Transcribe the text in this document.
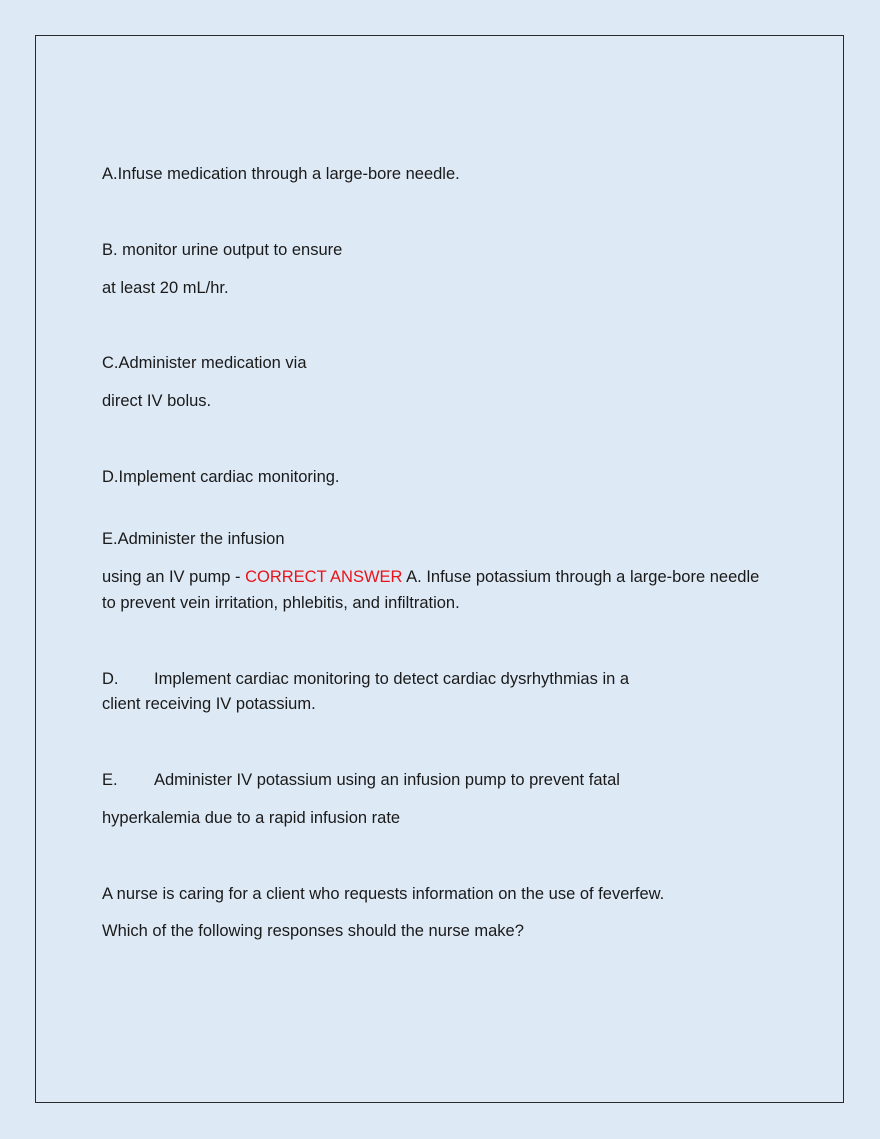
A.Infuse medication through a large-bore needle.
B. monitor urine output to ensure
at least 20 mL/hr.
C.Administer medication via
direct IV bolus.
D.Implement cardiac monitoring.
E.Administer the infusion
using an IV pump - CORRECT ANSWER A. Infuse potassium through a large-bore needle
to prevent vein irritation, phlebitis, and infiltration.
D. Implement cardiac monitoring to detect cardiac dysrhythmias in a
client receiving IV potassium.
E. Administer IV potassium using an infusion pump to prevent fatal
hyperkalemia due to a rapid infusion rate
A nurse is caring for a client who requests information on the use of feverfew.
Which of the following responses should the nurse make?
